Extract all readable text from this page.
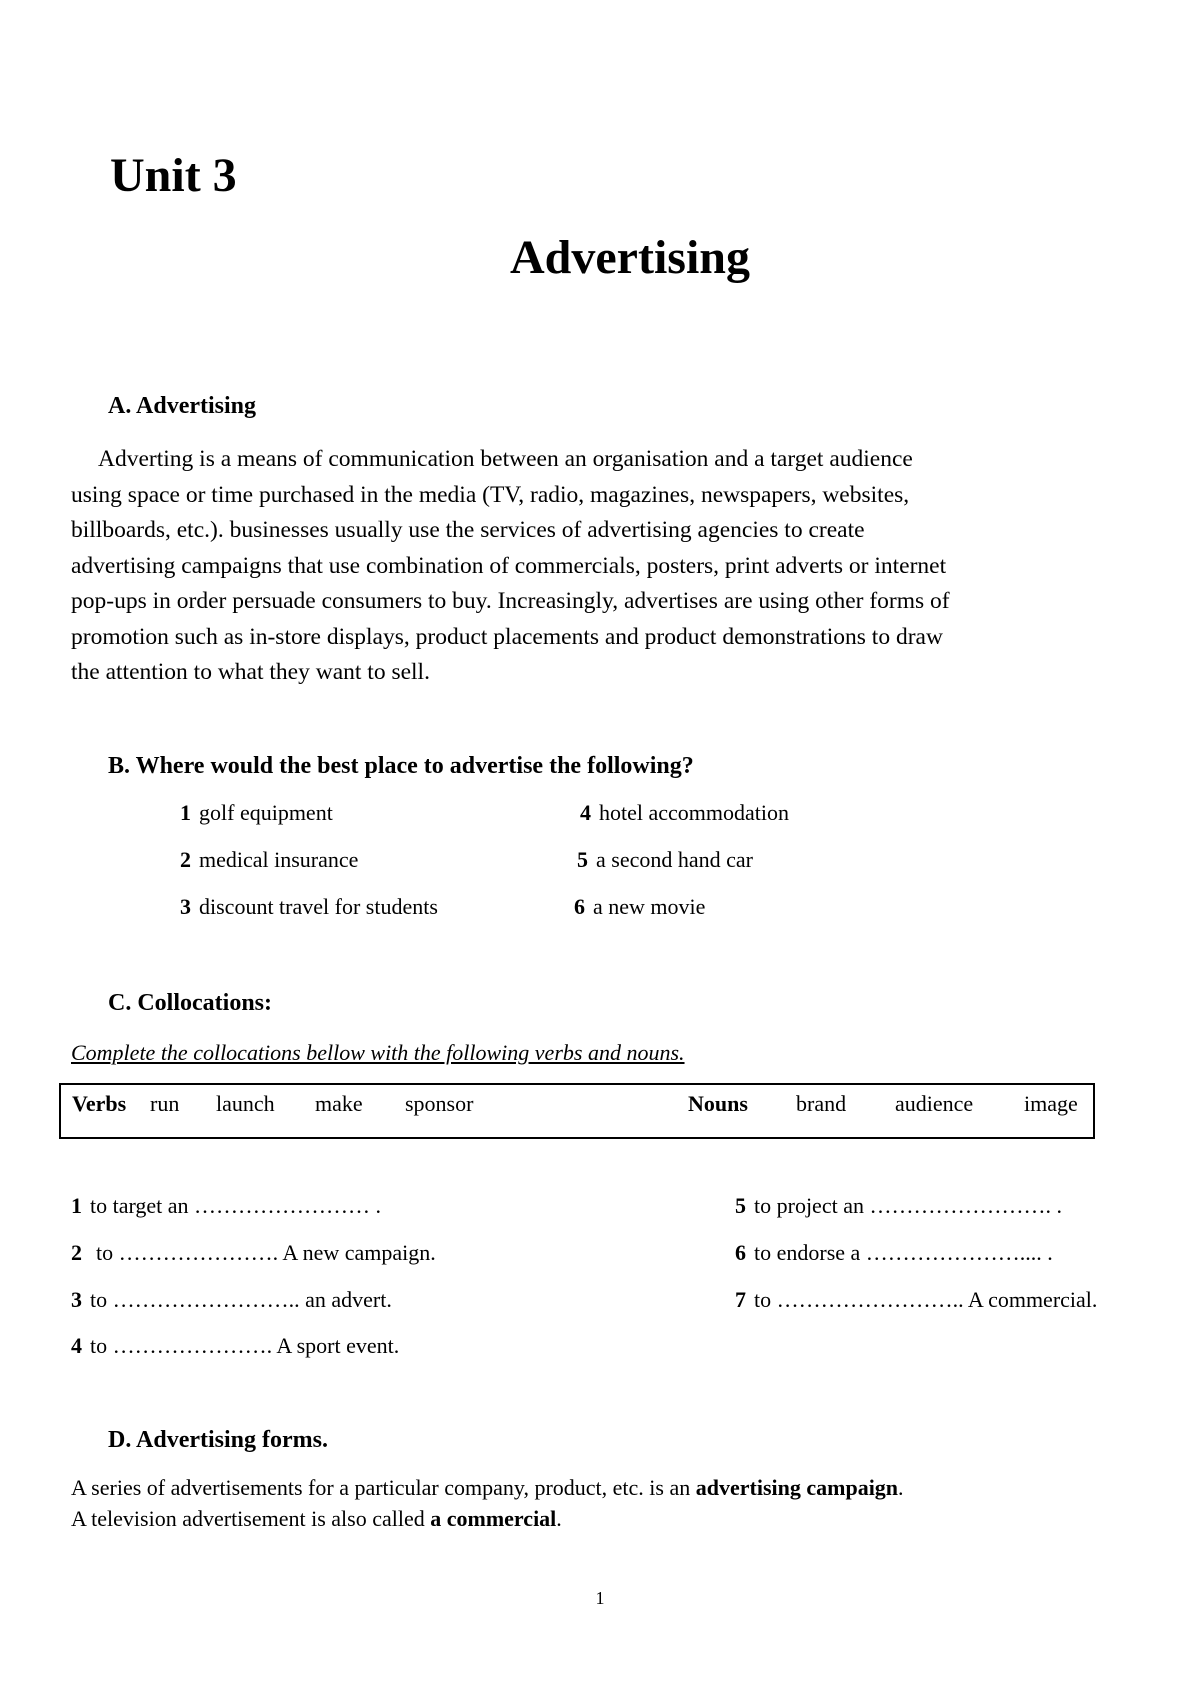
Unit 3
Advertising
A. Advertising

Adverting is a means of communication between an organisation and a target audience
using space or time purchased in the media (TV, radio, magazines, newspapers, websites,
billboards, etc.). businesses usually use the services of advertising agencies to create
advertising campaigns that use combination of commercials, posters, print adverts or internet
pop-ups in order persuade consumers to buy. Increasingly, advertises are using other forms of
promotion such as in-store displays, product placements and product demonstrations to draw
the attention to what they want to sell.

B. Where would the best place to advertise the following?
1 golf equipment
2 medical insurance
3 discount travel for students
4 hotel accommodation
5 a second hand car
6 a new movie
C. Collocations:
Complete the collocations bellow with the following verbs and nouns.
Verbs run launch make sponsor	Nouns brand audience image
1 to target an …………………… .
2 to …………………. A new campaign.
3 to …………………….. an advert.
4 to …………………. A sport event.
5 to project an ……………………. .
6 to endorse a ………………….... .
7 to …………………….. A commercial.
D. Advertising forms.
A series of advertisements for a particular company, product, etc. is an advertising campaign.
A television advertisement is also called a commercial.
1
